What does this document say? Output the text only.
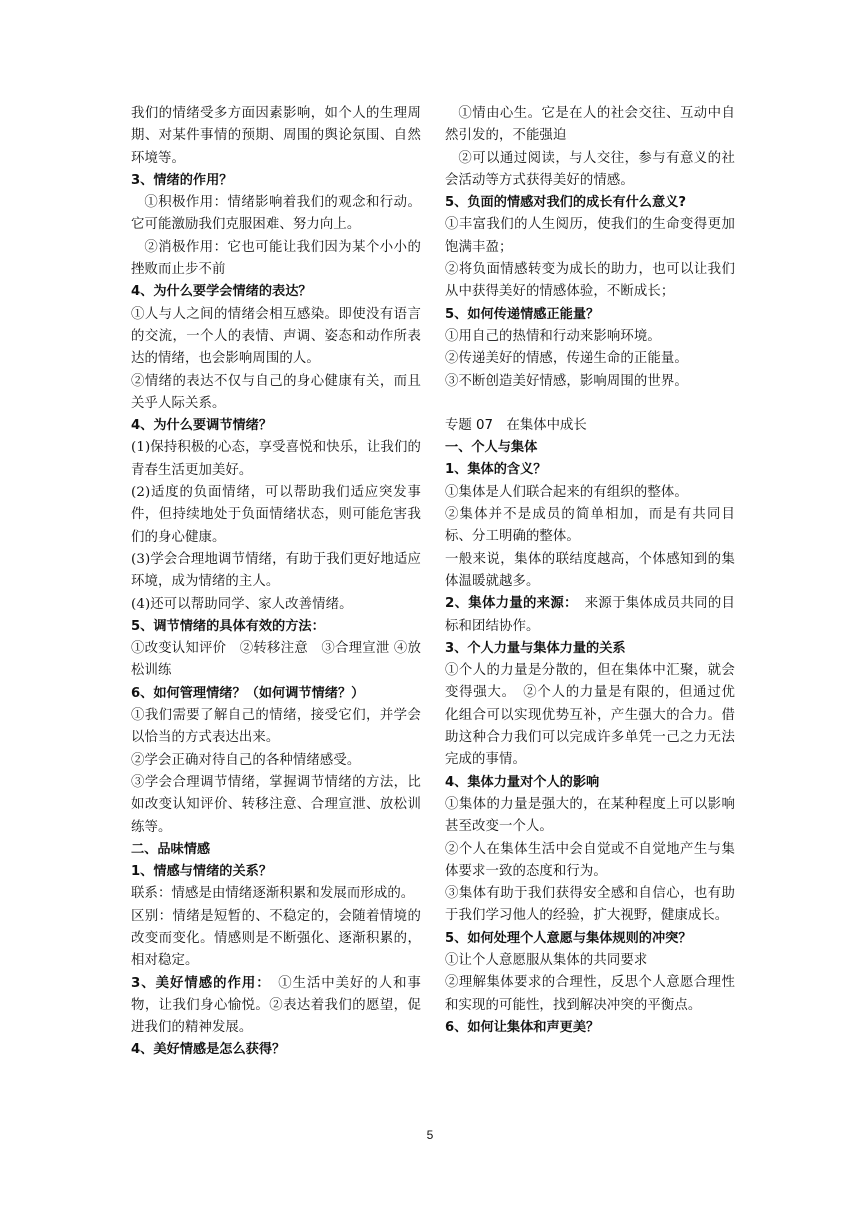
我们的情绪受多方面因素影响，如个人的生理周期、对某件事情的预期、周围的舆论氛围、自然环境等。
3、情绪的作用？
①积极作用：情绪影响着我们的观念和行动。它可能激励我们克服困难、努力向上。
②消极作用：它也可能让我们因为某个小小的挫败而止步不前
4、为什么要学会情绪的表达？
①人与人之间的情绪会相互感染。即使没有语言的交流，一个人的表情、声调、姿态和动作所表达的情绪，也会影响周围的人。
②情绪的表达不仅与自己的身心健康有关，而且关乎人际关系。
4、为什么要调节情绪？
(1)保持积极的心态，享受喜悦和快乐，让我们的青春生活更加美好。
(2)适度的负面情绪，可以帮助我们适应突发事件，但持续地处于负面情绪状态，则可能危害我们的身心健康。
(3)学会合理地调节情绪，有助于我们更好地适应环境，成为情绪的主人。
(4)还可以帮助同学、家人改善情绪。
5、调节情绪的具体有效的方法：
①改变认知评价　②转移注意　③合理宣泄 ④放松训练
6、如何管理情绪？（如何调节情绪？）
①我们需要了解自己的情绪，接受它们，并学会以恰当的方式表达出来。
②学会正确对待自己的各种情绪感受。
③学会合理调节情绪，掌握调节情绪的方法，比如改变认知评价、转移注意、合理宣泄、放松训练等。
二、品味情感
1、情感与情绪的关系？
联系：情感是由情绪逐渐积累和发展而形成的。
区别：情绪是短暂的、不稳定的，会随着情境的改变而变化。情感则是不断强化、逐渐积累的，相对稳定。
3、美好情感的作用：　①生活中美好的人和事物，让我们身心愉悦。②表达着我们的愿望，促进我们的精神发展。
4、美好情感是怎么获得？
①情由心生。它是在人的社会交往、互动中自然引发的，不能强迫
②可以通过阅读，与人交往，参与有意义的社会活动等方式获得美好的情感。
5、负面的情感对我们的成长有什么意义?
①丰富我们的人生阅历，使我们的生命变得更加饱满丰盈；
②将负面情感转变为成长的助力，也可以让我们从中获得美好的情感体验，不断成长；
5、如何传递情感正能量？
①用自己的热情和行动来影响环境。
②传递美好的情感，传递生命的正能量。
③不断创造美好情感，影响周围的世界。
专题 07　在集体中成长
一、个人与集体
1、集体的含义？
①集体是人们联合起来的有组织的整体。
②集体并不是成员的简单相加，而是有共同目标、分工明确的整体。
一般来说，集体的联结度越高，个体感知到的集体温暖就越多。
2、集体力量的来源：　来源于集体成员共同的目标和团结协作。
3、个人力量与集体力量的关系
①个人的力量是分散的，但在集体中汇聚，就会变得强大。　②个人的力量是有限的，但通过优化组合可以实现优势互补，产生强大的合力。借助这种合力我们可以完成许多单凭一己之力无法完成的事情。
4、集体力量对个人的影响
①集体的力量是强大的，在某种程度上可以影响甚至改变一个人。
②个人在集体生活中会自觉或不自觉地产生与集体要求一致的态度和行为。
③集体有助于我们获得安全感和自信心，也有助于我们学习他人的经验，扩大视野，健康成长。
5、如何处理个人意愿与集体规则的冲突？
①让个人意愿服从集体的共同要求
②理解集体要求的合理性，反思个人意愿合理性和实现的可能性，找到解决冲突的平衡点。
6、如何让集体和声更美？
5
